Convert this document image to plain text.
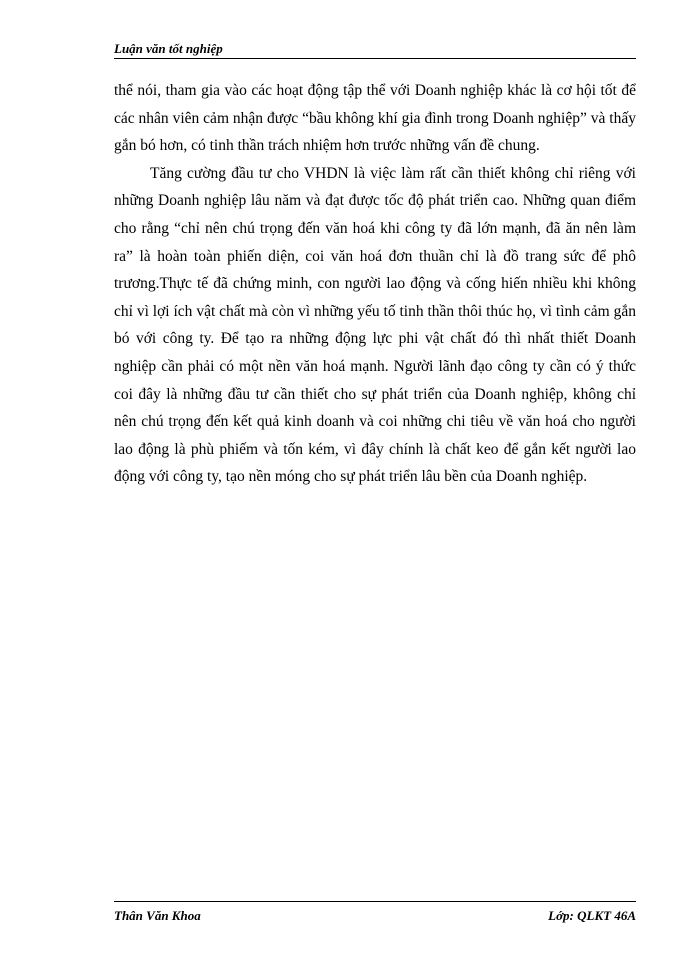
Luận văn tốt nghiệp

thể nói, tham gia vào các hoạt động tập thể với Doanh nghiệp khác là cơ hội tốt để các nhân viên cảm nhận được “bầu không khí gia đình trong Doanh nghiệp” và thấy gắn bó hơn, có tinh thần trách nhiệm hơn trước những vấn đề chung.

Tăng cường đầu tư cho VHDN là việc làm rất cần thiết không chỉ riêng với những Doanh nghiệp lâu năm và đạt được tốc độ phát triển cao. Những quan điểm cho rằng “chỉ nên chú trọng đến văn hoá khi công ty đã lớn mạnh, đã ăn nên làm ra” là hoàn toàn phiến diện, coi văn hoá đơn thuần chỉ là đồ trang sức để phô trương.Thực tế đã chứng minh, con người lao động và cống hiến nhiều khi không chỉ vì lợi ích vật chất mà còn vì những yếu tố tinh thần thôi thúc họ, vì tình cảm gắn bó với công ty. Để tạo ra những động lực phi vật chất đó thì nhất thiết Doanh nghiệp cần phải có một nền văn hoá mạnh. Người lãnh đạo công ty cần có ý thức coi đây là những đầu tư cần thiết cho sự phát triển của Doanh nghiệp, không chỉ nên chú trọng đến kết quả kinh doanh và coi những chi tiêu về văn hoá cho người lao động là phù phiếm và tốn kém, vì đây chính là chất keo để gắn kết người lao động với công ty, tạo nền móng cho sự phát triển lâu bền của Doanh nghiệp.

Thân Văn Khoa	Lớp: QLKT 46A
